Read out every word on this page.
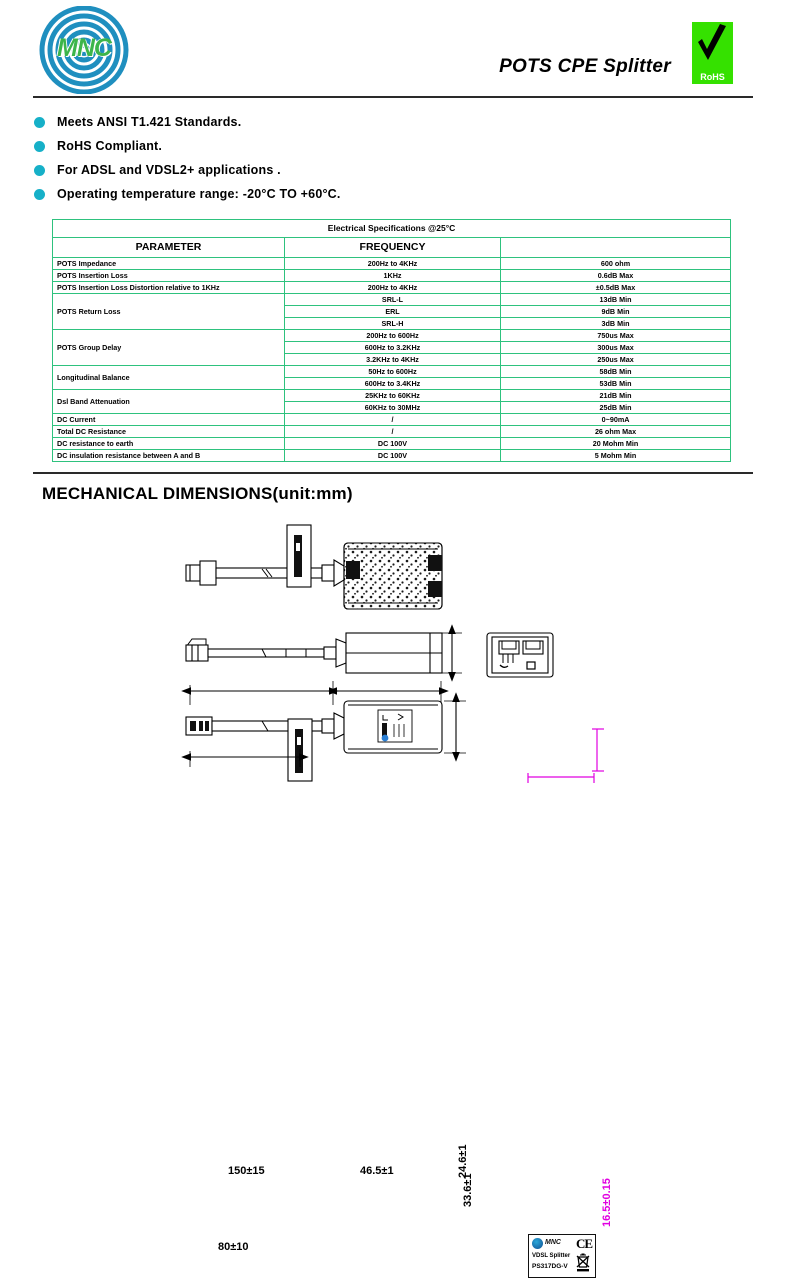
MNC
POTS CPE Splitter	RoHS
Meets ANSI T1.421 Standards.
RoHS Compliant.
For ADSL and VDSL2+ applications .
Operating temperature range: -20°C TO +60°C.
Electrical Specifications @25°C		
PARAMETER	FREQUENCY	
POTS Impedance	200Hz to 4KHz	600 ohm
POTS Insertion Loss	1KHz	0.6dB Max
POTS Insertion Loss Distortion relative to 1KHz	200Hz to 4KHz	±0.5dB Max
POTS Return Loss	SRL-L	13dB Min
	ERL	9dB Min
	SRL-H	3dB Min
POTS Group Delay	200Hz to 600Hz	750us Max
	600Hz to 3.2KHz	300us Max
	3.2KHz to 4KHz	250us Max
Longitudinal Balance	50Hz to 600Hz	58dB Min
	600Hz to 3.4KHz	53dB Min
Dsl Band Attenuation	25KHz to 60KHz	21dB Min
	60KHz to 30MHz	25dB Min
DC Current	/	0~90mA
Total DC Resistance	/	26 ohm Max
DC resistance to earth	DC 100V	20 Mohm Min
DC insulation resistance between A and B	DC 100V	5 Mohm Min
MECHANICAL DIMENSIONS(unit:mm)
150±15	46.5±1	24.6±1
80±10
33.6±1	16.5±0.15
MNC CE
VDSL Splitter
PS317DG-V
